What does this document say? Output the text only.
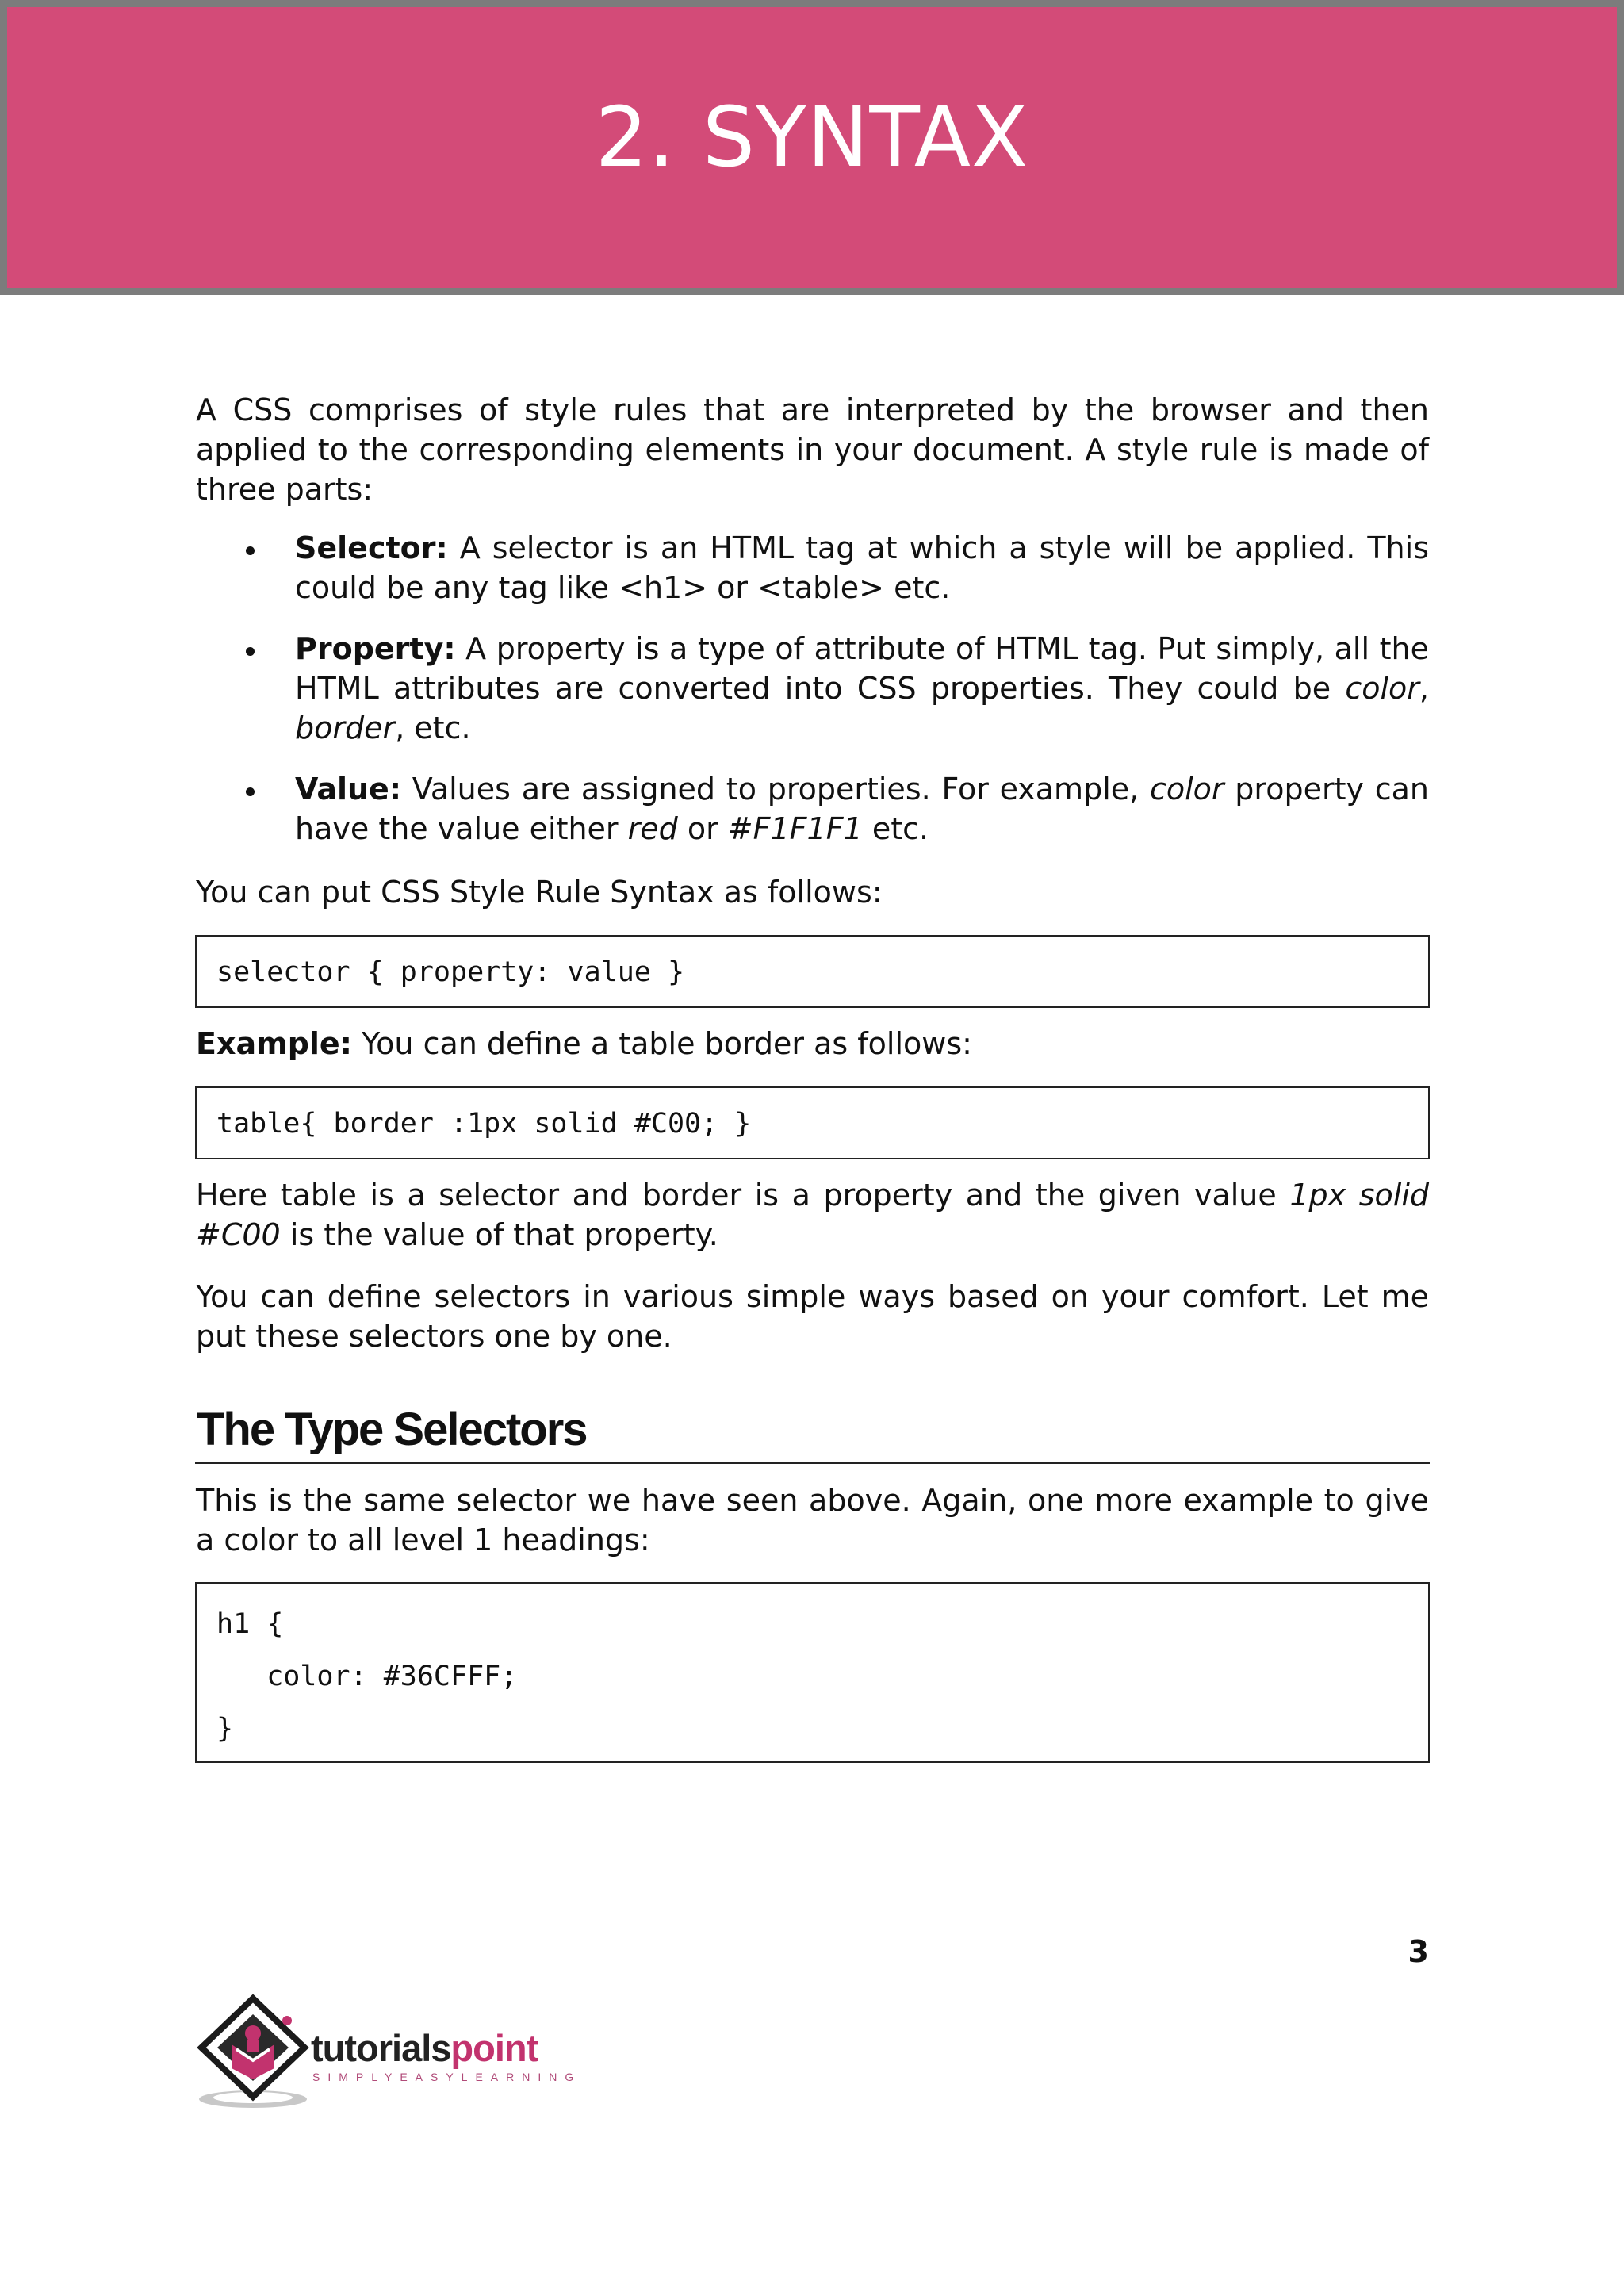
2. SYNTAX

A CSS comprises of style rules that are interpreted by the browser and then applied to the corresponding elements in your document. A style rule is made of three parts:

Selector: A selector is an HTML tag at which a style will be applied. This could be any tag like <h1> or <table> etc.
Property: A property is a type of attribute of HTML tag. Put simply, all the HTML attributes are converted into CSS properties. They could be color, border, etc.
Value: Values are assigned to properties. For example, color property can have the value either red or #F1F1F1 etc.

You can put CSS Style Rule Syntax as follows:

selector { property: value }

Example: You can define a table border as follows:

table{ border :1px solid #C00; }

Here table is a selector and border is a property and the given value 1px solid #C00 is the value of that property.

You can define selectors in various simple ways based on your comfort. Let me put these selectors one by one.

The Type Selectors

This is the same selector we have seen above. Again, one more example to give a color to all level 1 headings:

h1 {
color: #36CFFF;
}
3
tutorialspoint
SIMPLYEASYLEARNING
